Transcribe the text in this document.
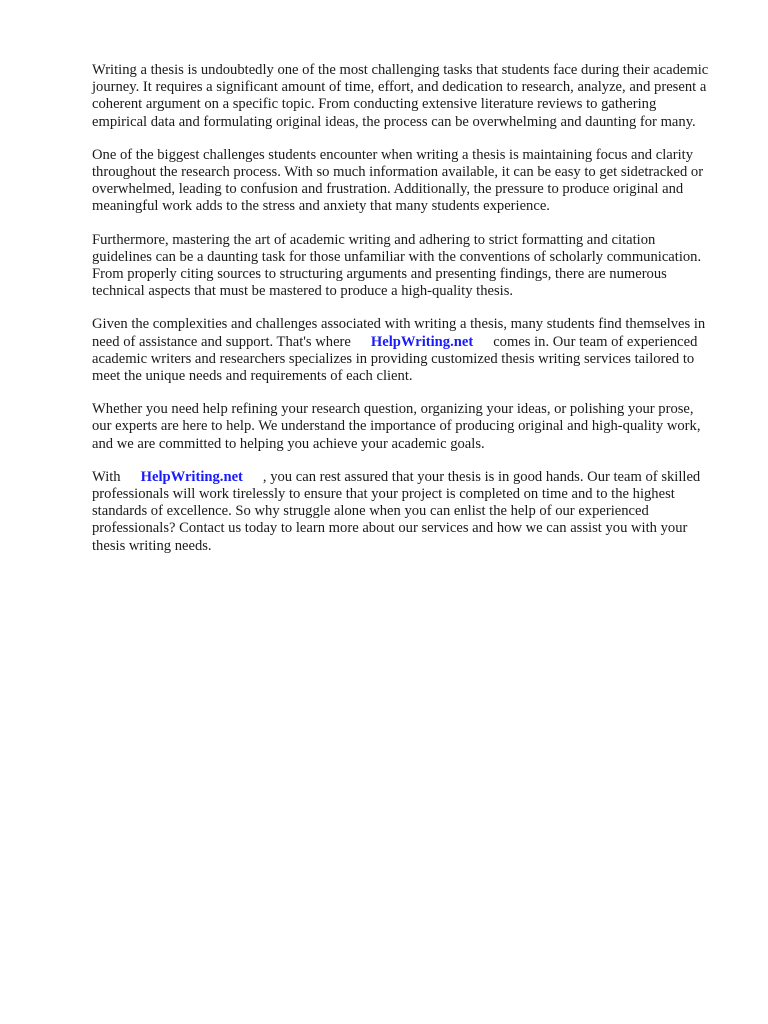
Writing a thesis is undoubtedly one of the most challenging tasks that students face during their academic journey. It requires a significant amount of time, effort, and dedication to research, analyze, and present a coherent argument on a specific topic. From conducting extensive literature reviews to gathering empirical data and formulating original ideas, the process can be overwhelming and daunting for many.

One of the biggest challenges students encounter when writing a thesis is maintaining focus and clarity throughout the research process. With so much information available, it can be easy to get sidetracked or overwhelmed, leading to confusion and frustration. Additionally, the pressure to produce original and meaningful work adds to the stress and anxiety that many students experience.

Furthermore, mastering the art of academic writing and adhering to strict formatting and citation guidelines can be a daunting task for those unfamiliar with the conventions of scholarly communication. From properly citing sources to structuring arguments and presenting findings, there are numerous technical aspects that must be mastered to produce a high-quality thesis.

Given the complexities and challenges associated with writing a thesis, many students find themselves in need of assistance and support. That's where HelpWriting.net comes in. Our team of experienced academic writers and researchers specializes in providing customized thesis writing services tailored to meet the unique needs and requirements of each client.

Whether you need help refining your research question, organizing your ideas, or polishing your prose, our experts are here to help. We understand the importance of producing original and high-quality work, and we are committed to helping you achieve your academic goals.

With HelpWriting.net , you can rest assured that your thesis is in good hands. Our team of skilled professionals will work tirelessly to ensure that your project is completed on time and to the highest standards of excellence. So why struggle alone when you can enlist the help of our experienced professionals? Contact us today to learn more about our services and how we can assist you with your thesis writing needs.
